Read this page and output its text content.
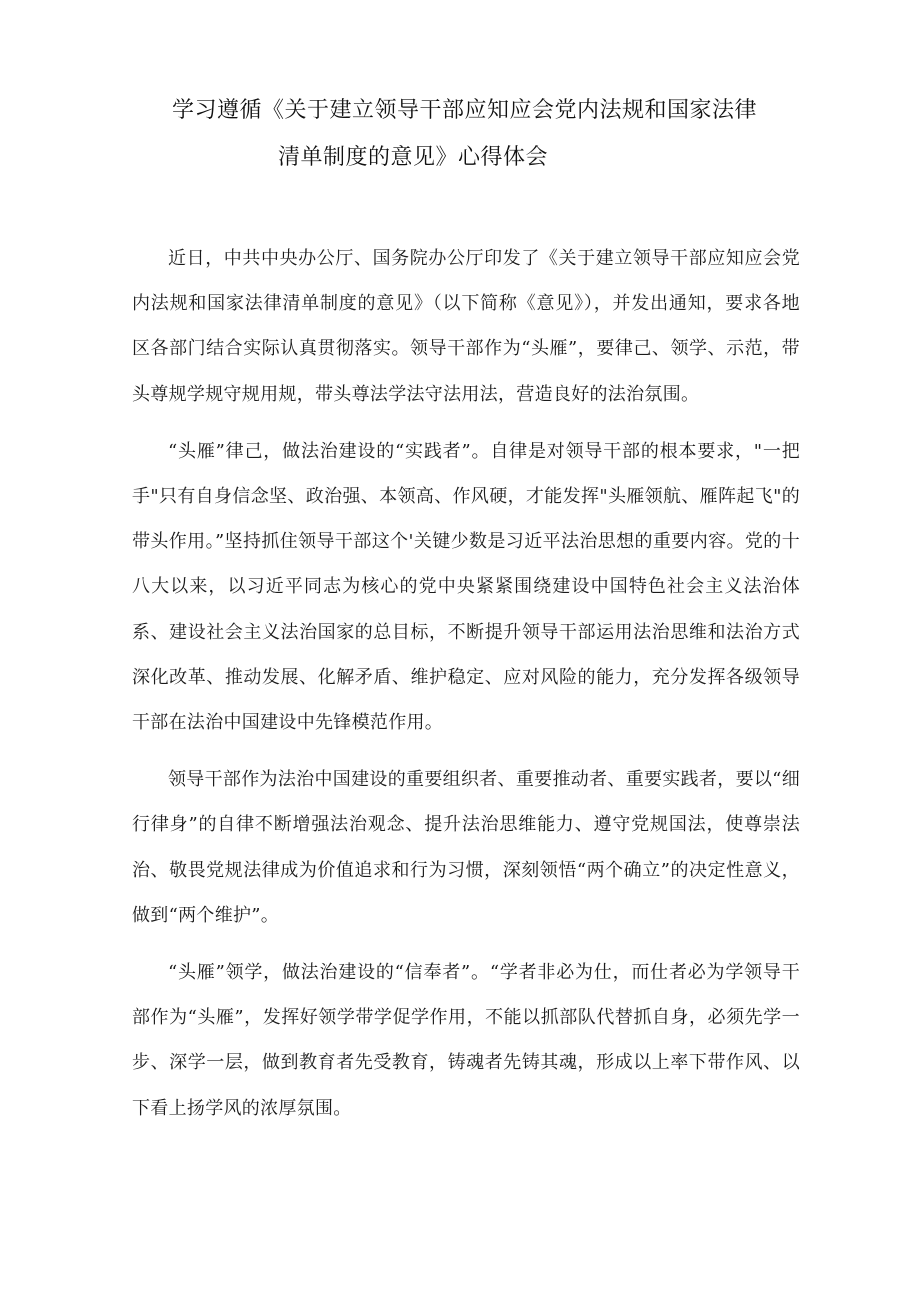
学习遵循《关于建立领导干部应知应会党内法规和国家法律
清单制度的意见》心得体会

近日，中共中央办公厅、国务院办公厅印发了《关于建立领导干部应知应会党内法规和国家法律清单制度的意见》（以下简称《意见》），并发出通知，要求各地区各部门结合实际认真贯彻落实。领导干部作为“头雁”，要律己、领学、示范，带头尊规学规守规用规，带头尊法学法守法用法，营造良好的法治氛围。

“头雁”律己，做法治建设的“实践者”。自律是对领导干部的根本要求，"一把手"只有自身信念坚、政治强、本领高、作风硬，才能发挥"头雁领航、雁阵起飞"的带头作用。”坚持抓住领导干部这个'关键少数是习近平法治思想的重要内容。党的十八大以来，以习近平同志为核心的党中央紧紧围绕建设中国特色社会主义法治体系、建设社会主义法治国家的总目标，不断提升领导干部运用法治思维和法治方式深化改革、推动发展、化解矛盾、维护稳定、应对风险的能力，充分发挥各级领导干部在法治中国建设中先锋模范作用。

领导干部作为法治中国建设的重要组织者、重要推动者、重要实践者，要以“细行律身”的自律不断增强法治观念、提升法治思维能力、遵守党规国法，使尊崇法治、敬畏党规法律成为价值追求和行为习惯，深刻领悟“两个确立”的决定性意义，做到“两个维护”。

“头雁”领学，做法治建设的“信奉者”。“学者非必为仕，而仕者必为学领导干部作为“头雁”，发挥好领学带学促学作用，不能以抓部队代替抓自身，必须先学一步、深学一层，做到教育者先受教育，铸魂者先铸其魂，形成以上率下带作风、以下看上扬学风的浓厚氛围。
